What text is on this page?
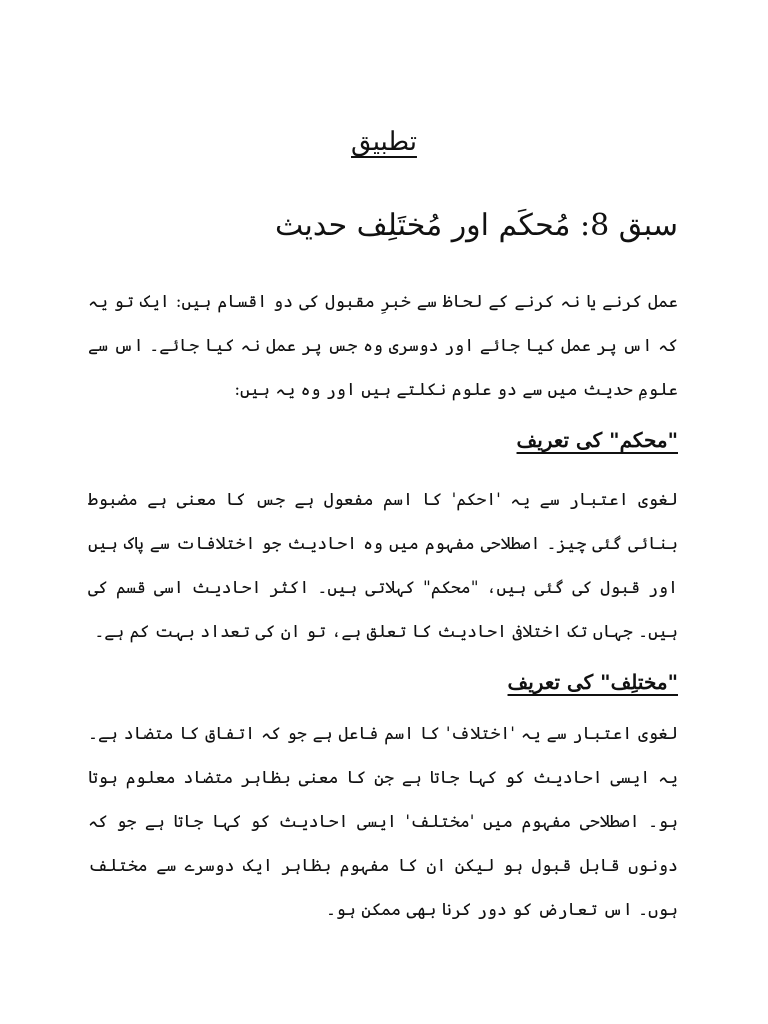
تطبیق
سبق 8: مُحکَم اور مُختَلِف حدیث
عمل کرنے یا نہ کرنے کے لحاظ سے خبرِ مقبول کی دو اقسام ہیں: ایک تو یہ کہ اس پر عمل کیا جائے اور دوسری وہ جس پر عمل نہ کیا جائے۔ اس سے علومِ حدیث میں سے دو علوم نکلتے ہیں اور وہ یہ ہیں:
"محکم" کی تعریف
لغوی اعتبار سے یہ 'احکم' کا اسم مفعول ہے جس کا معنی ہے مضبوط بنائی گئی چیز۔ اصطلاحی مفہوم میں وہ احادیث جو اختلافات سے پاک ہیں اور قبول کی گئی ہیں، "محکم" کہلاتی ہیں۔ اکثر احادیث اسی قسم کی ہیں۔ جہاں تک اختلافی احادیث کا تعلق ہے، تو ان کی تعداد بہت کم ہے۔
"مختلِف" کی تعریف
لغوی اعتبار سے یہ 'اختلاف' کا اسم فاعل ہے جو کہ اتفاق کا متضاد ہے۔ یہ ایسی احادیث کو کہا جاتا ہے جن کا معنی بظاہر متضاد معلوم ہوتا ہو۔ اصطلاحی مفہوم میں 'مختلف' ایسی احادیث کو کہا جاتا ہے جو کہ دونوں قابل قبول ہو لیکن ان کا مفہوم بظاہر ایک دوسرے سے مختلف ہوں۔ اس تعارض کو دور کرنا بھی ممکن ہو۔
